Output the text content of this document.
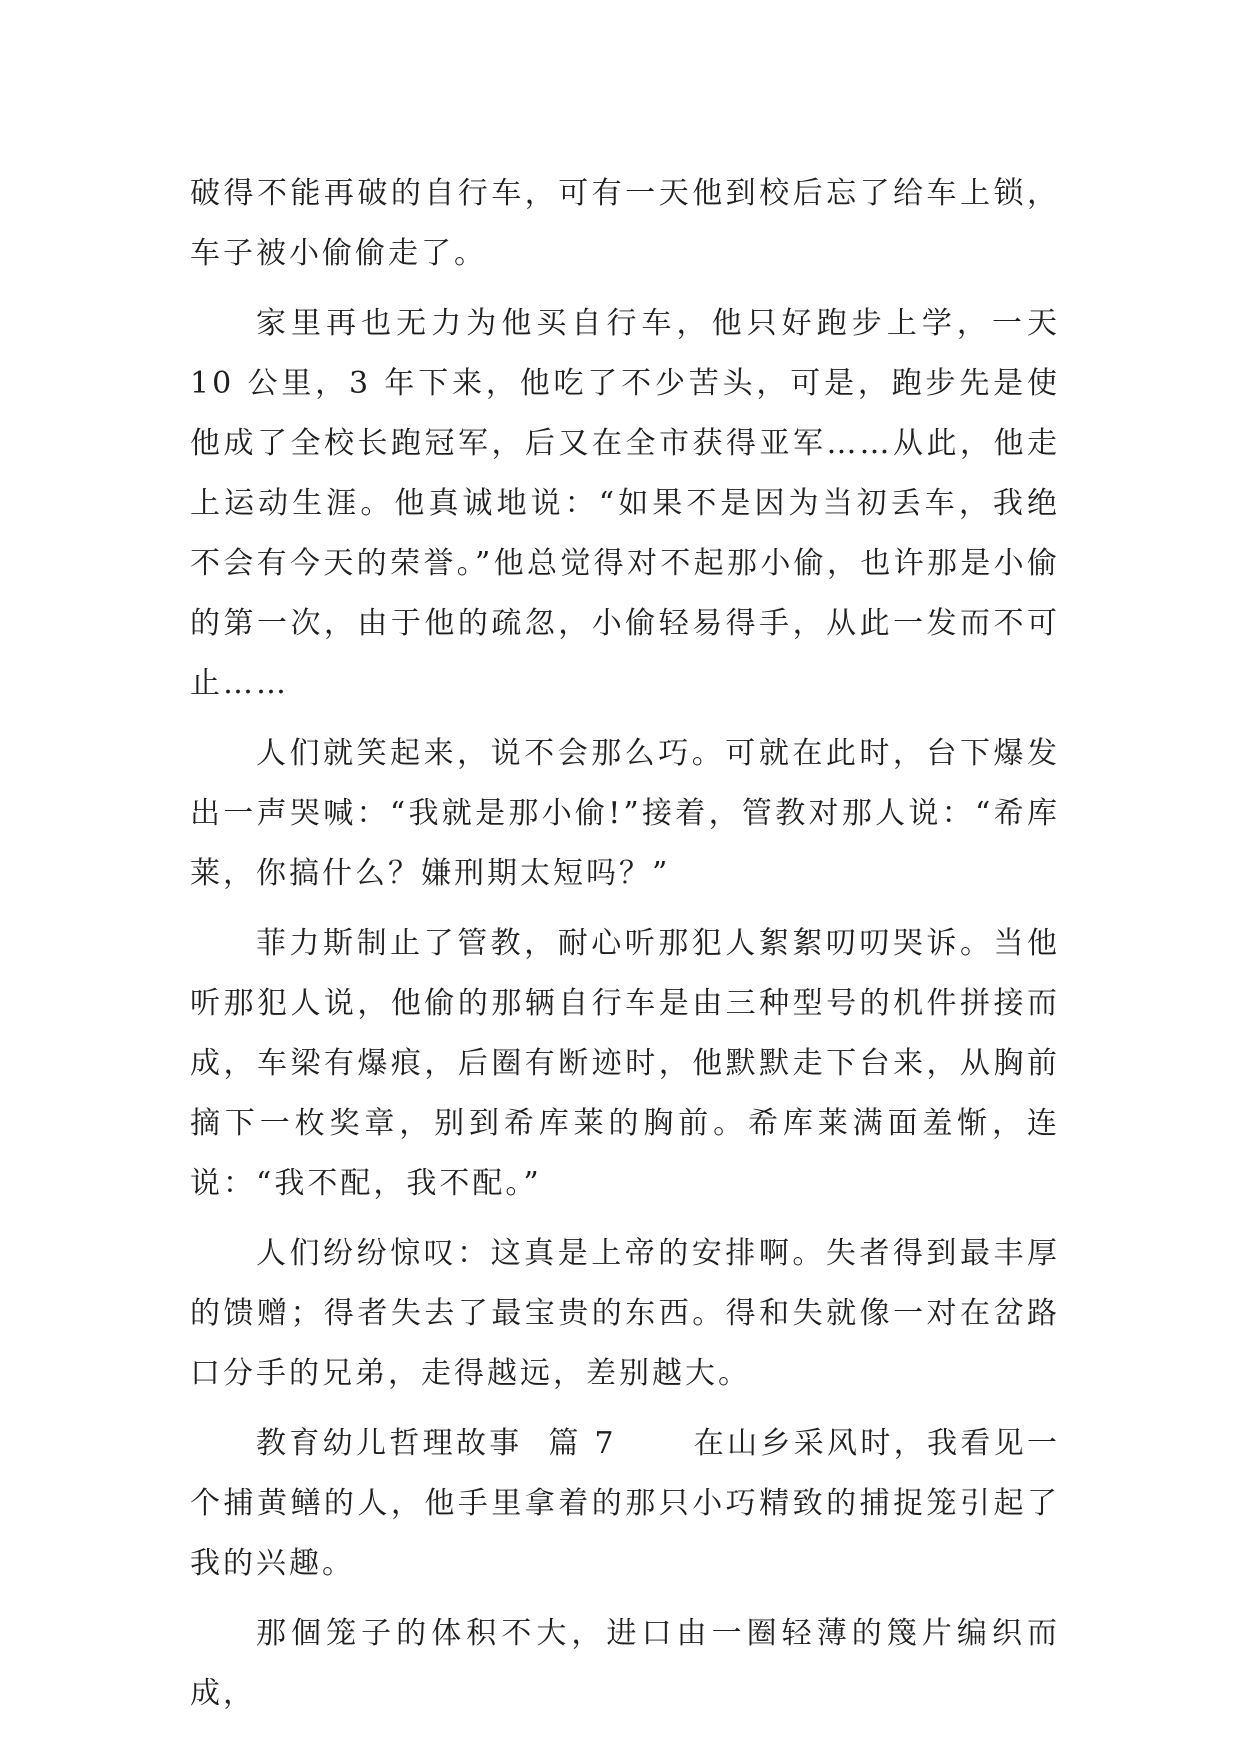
破得不能再破的自行车，可有一天他到校后忘了给车上锁，车子被小偷偷走了。

家里再也无力为他买自行车，他只好跑步上学，一天 10 公里，3 年下来，他吃了不少苦头，可是，跑步先是使他成了全校长跑冠军，后又在全市获得亚军……从此，他走上运动生涯。他真诚地说：“如果不是因为当初丢车，我绝不会有今天的荣誉。”他总觉得对不起那小偷，也许那是小偷的第一次，由于他的疏忽，小偷轻易得手，从此一发而不可止……

人们就笑起来，说不会那么巧。可就在此时，台下爆发出一声哭喊：“我就是那小偷!”接着，管教对那人说：“希库莱，你搞什么？嫌刑期太短吗？”

菲力斯制止了管教，耐心听那犯人絮絮叨叨哭诉。当他听那犯人说，他偷的那辆自行车是由三种型号的机件拼接而成，车梁有爆痕，后圈有断迹时，他默默走下台来，从胸前摘下一枚奖章，别到希库莱的胸前。希库莱满面羞惭，连说：“我不配，我不配。”

人们纷纷惊叹：这真是上帝的安排啊。失者得到最丰厚的馈赠；得者失去了最宝贵的东西。得和失就像一对在岔路口分手的兄弟，走得越远，差别越大。

教育幼儿哲理故事  篇 7      在山乡采风时，我看见一个捕黄鳝的人，他手里拿着的那只小巧精致的捕捉笼引起了我的兴趣。

那個笼子的体积不大，进口由一圈轻薄的篾片编织而成，
